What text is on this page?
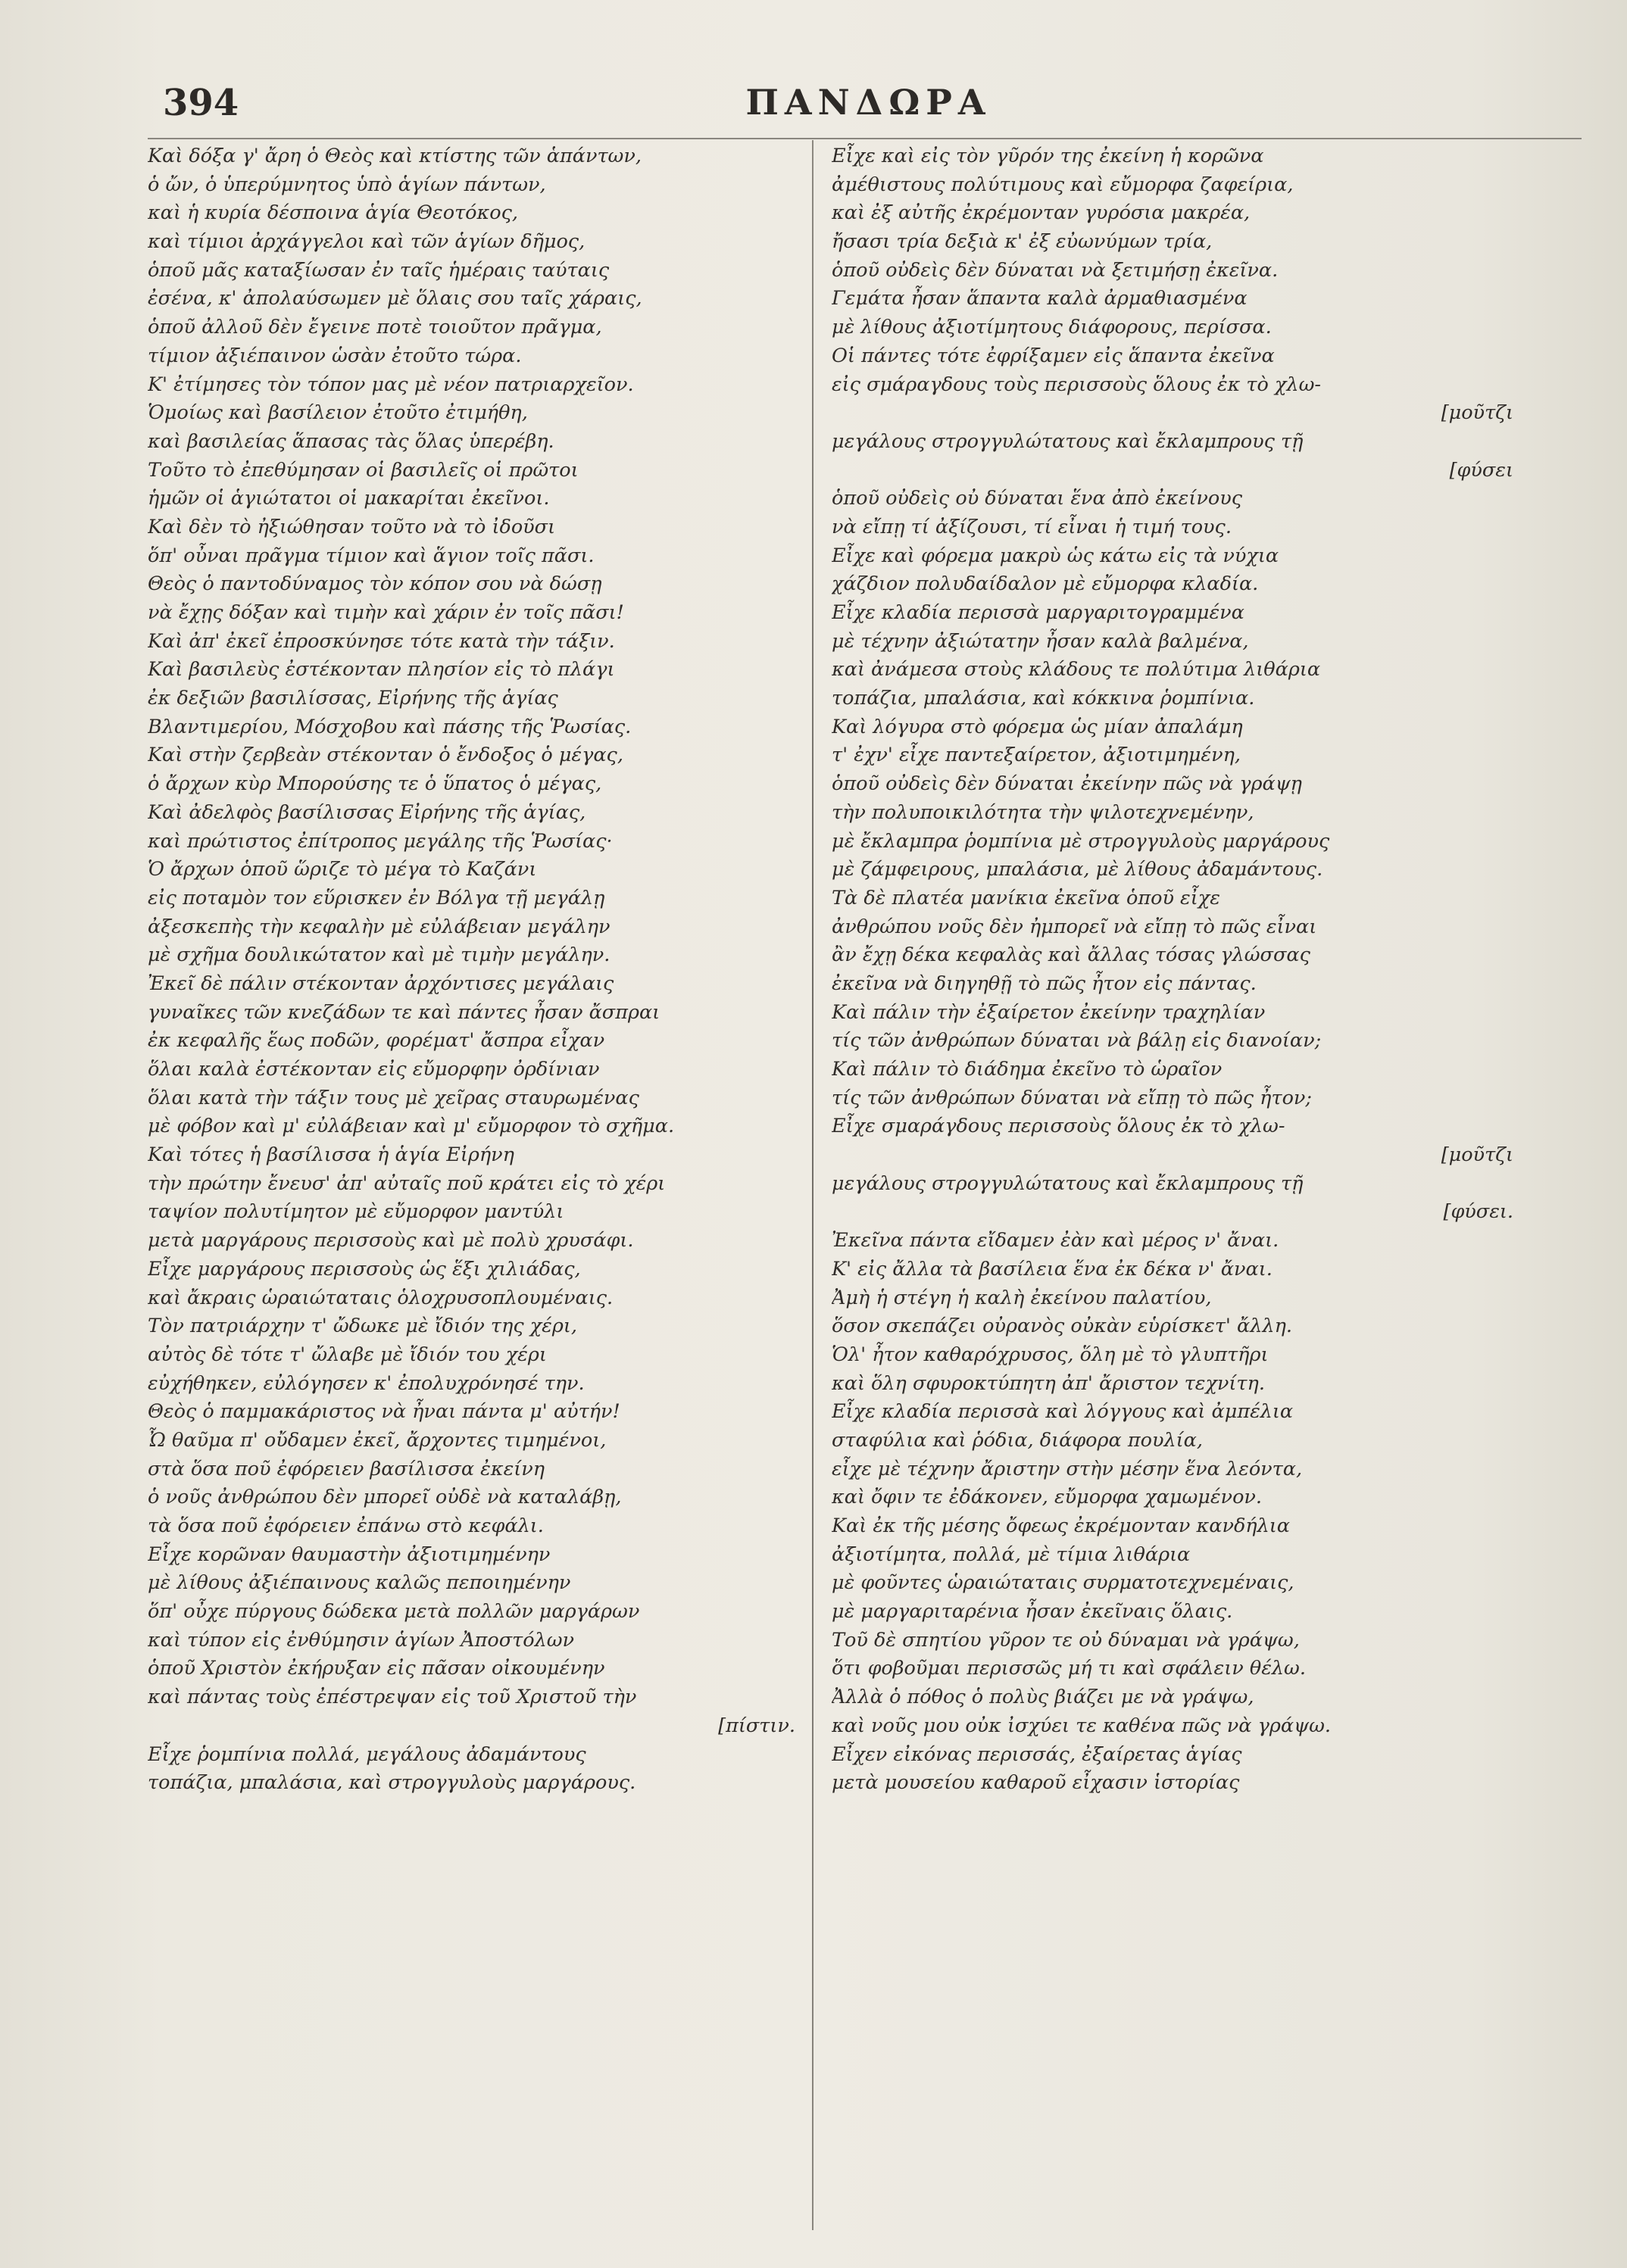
394	ΠΑΝΔΩΡΑ
Καὶ δόξα γ' ἄρη ὁ Θεὸς καὶ κτίστης τῶν ἁπάντων,
ὁ ὤν, ὁ ὑπερύμνητος ὑπὸ ἁγίων πάντων,
καὶ ἡ κυρία δέσποινα ἁγία Θεοτόκος,
καὶ τίμιοι ἀρχάγγελοι καὶ τῶν ἁγίων δῆμος,
ὁποῦ μᾶς καταξίωσαν ἐν ταῖς ἡμέραις ταύταις
ἐσένα, κ' ἀπολαύσωμεν μὲ ὅλαις σου ταῖς χάραις,
ὁποῦ ἀλλοῦ δὲν ἔγεινε ποτὲ τοιοῦτον πρᾶγμα,
τίμιον ἀξιέπαινον ὡσὰν ἐτοῦτο τώρα.
Κ' ἐτίμησες τὸν τόπον μας μὲ νέον πατριαρχεῖον.
Ὁμοίως καὶ βασίλειον ἐτοῦτο ἐτιμήθη,
καὶ βασιλείας ἅπασας τὰς ὅλας ὑπερέβη.
Τοῦτο τὸ ἐπεθύμησαν οἱ βασιλεῖς οἱ πρῶτοι
ἡμῶν οἱ ἁγιώτατοι οἱ μακαρίται ἐκεῖνοι.
Καὶ δὲν τὸ ἠξιώθησαν τοῦτο νὰ τὸ ἰδοῦσι
ὅπ' οὖναι πρᾶγμα τίμιον καὶ ἅγιον τοῖς πᾶσι.
Θεὸς ὁ παντοδύναμος τὸν κόπον σου νὰ δώσῃ
νὰ ἔχῃς δόξαν καὶ τιμὴν καὶ χάριν ἐν τοῖς πᾶσι!
Καὶ ἀπ' ἐκεῖ ἐπροσκύνησε τότε κατὰ τὴν τάξιν.
Καὶ βασιλεὺς ἐστέκονταν πλησίον εἰς τὸ πλάγι
ἐκ δεξιῶν βασιλίσσας, Εἰρήνης τῆς ἁγίας
Βλαντιμερίου, Μόσχοβου καὶ πάσης τῆς Ῥωσίας.
Καὶ στὴν ζερβεὰν στέκονταν ὁ ἔνδοξος ὁ μέγας,
ὁ ἄρχων κὺρ Μπορούσης τε ὁ ὕπατος ὁ μέγας,
Καὶ ἀδελφὸς βασίλισσας Εἰρήνης τῆς ἁγίας,
καὶ πρώτιστος ἐπίτροπος μεγάλης τῆς Ῥωσίας·
Ὁ ἄρχων ὁποῦ ὥριζε τὸ μέγα τὸ Καζάνι
εἰς ποταμὸν τον εὕρισκεν ἐν Βόλγα τῇ μεγάλῃ
ἀξεσκεπὴς τὴν κεφαλὴν μὲ εὐλάβειαν μεγάλην
μὲ σχῆμα δουλικώτατον καὶ μὲ τιμὴν μεγάλην.
Ἐκεῖ δὲ πάλιν στέκονταν ἀρχόντισες μεγάλαις
γυναῖκες τῶν κνεζάδων τε καὶ πάντες ἦσαν ἄσπραι
ἐκ κεφαλῆς ἕως ποδῶν, φορέματ' ἄσπρα εἶχαν
ὅλαι καλὰ ἐστέκονταν εἰς εὔμορφην ὀρδίνιαν
ὅλαι κατὰ τὴν τάξιν τους μὲ χεῖρας σταυρωμένας
μὲ φόβον καὶ μ' εὐλάβειαν καὶ μ' εὔμορφον τὸ σχῆμα.
Καὶ τότες ἡ βασίλισσα ἡ ἁγία Εἰρήνη
τὴν πρώτην ἔνευσ' ἀπ' αὐταῖς ποῦ κράτει εἰς τὸ χέρι
ταψίον πολυτίμητον μὲ εὔμορφον μαντύλι
μετὰ μαργάρους περισσοὺς καὶ μὲ πολὺ χρυσάφι.
Εἶχε μαργάρους περισσοὺς ὡς ἕξι χιλιάδας,
καὶ ἄκραις ὡραιώταταις ὁλοχρυσοπλουμέναις.
Τὸν πατριάρχην τ' ὤδωκε μὲ ἴδιόν της χέρι,
αὐτὸς δὲ τότε τ' ὤλαβε μὲ ἴδιόν του χέρι
εὐχήθηκεν, εὐλόγησεν κ' ἐπολυχρόνησέ την.
Θεὸς ὁ παμμακάριστος νὰ ἦναι πάντα μ' αὐτήν!
Ὦ θαῦμα π' οὔδαμεν ἐκεῖ, ἄρχοντες τιμημένοι,
στὰ ὅσα ποῦ ἐφόρειεν βασίλισσα ἐκείνη
ὁ νοῦς ἀνθρώπου δὲν μπορεῖ οὐδὲ νὰ καταλάβῃ,
τὰ ὅσα ποῦ ἐφόρειεν ἐπάνω στὸ κεφάλι.
Εἶχε κορῶναν θαυμαστὴν ἀξιοτιμημένην
μὲ λίθους ἀξιέπαινους καλῶς πεποιημένην
ὅπ' οὖχε πύργους δώδεκα μετὰ πολλῶν μαργάρων
καὶ τύπον εἰς ἐνθύμησιν ἁγίων Ἀποστόλων
ὁποῦ Χριστὸν ἐκήρυξαν εἰς πᾶσαν οἰκουμένην
καὶ πάντας τοὺς ἐπέστρεψαν εἰς τοῦ Χριστοῦ τὴν
[πίστιν.
Εἶχε ῥομπίνια πολλά, μεγάλους ἀδαμάντους
τοπάζια, μπαλάσια, καὶ στρογγυλοὺς μαργάρους.
Εἶχε καὶ εἰς τὸν γῦρόν της ἐκείνη ἡ κορῶνα
ἀμέθιστους πολύτιμους καὶ εὔμορφα ζαφείρια,
καὶ ἐξ αὐτῆς ἐκρέμονταν γυρόσια μακρέα,
ἤσασι τρία δεξιὰ κ' ἐξ εὐωνύμων τρία,
ὁποῦ οὐδεὶς δὲν δύναται νὰ ξετιμήσῃ ἐκεῖνα.
Γεμάτα ἦσαν ἅπαντα καλὰ ἀρμαθιασμένα
μὲ λίθους ἀξιοτίμητους διάφορους, περίσσα.
Οἱ πάντες τότε ἐφρίξαμεν εἰς ἅπαντα ἐκεῖνα
εἰς σμάραγδους τοὺς περισσοὺς ὅλους ἐκ τὸ χλω-
[μοῦτζι
μεγάλους στρογγυλώτατους καὶ ἔκλαμπρους τῇ
[φύσει
ὁποῦ οὐδεὶς οὐ δύναται ἕνα ἀπὸ ἐκείνους
νὰ εἴπῃ τί ἀξίζουσι, τί εἶναι ἡ τιμή τους.
Εἶχε καὶ φόρεμα μακρὺ ὡς κάτω εἰς τὰ νύχια
χάζδιον πολυδαίδαλον μὲ εὔμορφα κλαδία.
Εἶχε κλαδία περισσὰ μαργαριτογραμμένα
μὲ τέχνην ἀξιώτατην ἦσαν καλὰ βαλμένα,
καὶ ἀνάμεσα στοὺς κλάδους τε πολύτιμα λιθάρια
τοπάζια, μπαλάσια, καὶ κόκκινα ῥομπίνια.
Καὶ λόγυρα στὸ φόρεμα ὡς μίαν ἀπαλάμη
τ' ἐχν' εἶχε παντεξαίρετον, ἀξιοτιμημένη,
ὁποῦ οὐδεὶς δὲν δύναται ἐκείνην πῶς νὰ γράψῃ
τὴν πολυποικιλότητα τὴν ψιλοτεχνεμένην,
μὲ ἔκλαμπρα ῥομπίνια μὲ στρογγυλοὺς μαργάρους
μὲ ζάμφειρους, μπαλάσια, μὲ λίθους ἀδαμάντους.
Τὰ δὲ πλατέα μανίκια ἐκεῖνα ὁποῦ εἶχε
ἀνθρώπου νοῦς δὲν ἠμπορεῖ νὰ εἴπῃ τὸ πῶς εἶναι
ἂν ἔχῃ δέκα κεφαλὰς καὶ ἄλλας τόσας γλώσσας
ἐκεῖνα νὰ διηγηθῇ τὸ πῶς ἦτον εἰς πάντας.
Καὶ πάλιν τὴν ἐξαίρετον ἐκείνην τραχηλίαν
τίς τῶν ἀνθρώπων δύναται νὰ βάλῃ εἰς διανοίαν;
Καὶ πάλιν τὸ διάδημα ἐκεῖνο τὸ ὡραῖον
τίς τῶν ἀνθρώπων δύναται νὰ εἴπῃ τὸ πῶς ἦτον;
Εἶχε σμαράγδους περισσοὺς ὅλους ἐκ τὸ χλω-
[μοῦτζι
μεγάλους στρογγυλώτατους καὶ ἔκλαμπρους τῇ
[φύσει.
Ἐκεῖνα πάντα εἴδαμεν ἐὰν καὶ μέρος ν' ἄναι.
Κ' εἰς ἄλλα τὰ βασίλεια ἕνα ἐκ δέκα ν' ἄναι.
Ἀμὴ ἡ στέγη ἡ καλὴ ἐκείνου παλατίου,
ὅσον σκεπάζει οὐρανὸς οὐκὰν εὑρίσκετ' ἄλλη.
Ὁλ' ἦτον καθαρόχρυσος, ὅλη μὲ τὸ γλυπτῆρι
καὶ ὅλη σφυροκτύπητη ἀπ' ἄριστον τεχνίτη.
Εἶχε κλαδία περισσὰ καὶ λόγγους καὶ ἀμπέλια
σταφύλια καὶ ῥόδια, διάφορα πουλία,
εἶχε μὲ τέχνην ἄριστην στὴν μέσην ἕνα λεόντα,
καὶ ὄφιν τε ἐδάκονεν, εὔμορφα χαμωμένον.
Καὶ ἐκ τῆς μέσης ὄφεως ἐκρέμονταν κανδήλια
ἀξιοτίμητα, πολλά, μὲ τίμια λιθάρια
μὲ φοῦντες ὡραιώταταις συρματοτεχνεμέναις,
μὲ μαργαριταρένια ἦσαν ἐκεῖναις ὅλαις.
Τοῦ δὲ σπητίου γῦρον τε οὐ δύναμαι νὰ γράψω,
ὅτι φοβοῦμαι περισσῶς μή τι καὶ σφάλειν θέλω.
Ἀλλὰ ὁ πόθος ὁ πολὺς βιάζει με νὰ γράψω,
καὶ νοῦς μου οὐκ ἰσχύει τε καθένα πῶς νὰ γράψω.
Εἶχεν εἰκόνας περισσάς, ἐξαίρετας ἁγίας
μετὰ μουσείου καθαροῦ εἶχασιν ἱστορίας
